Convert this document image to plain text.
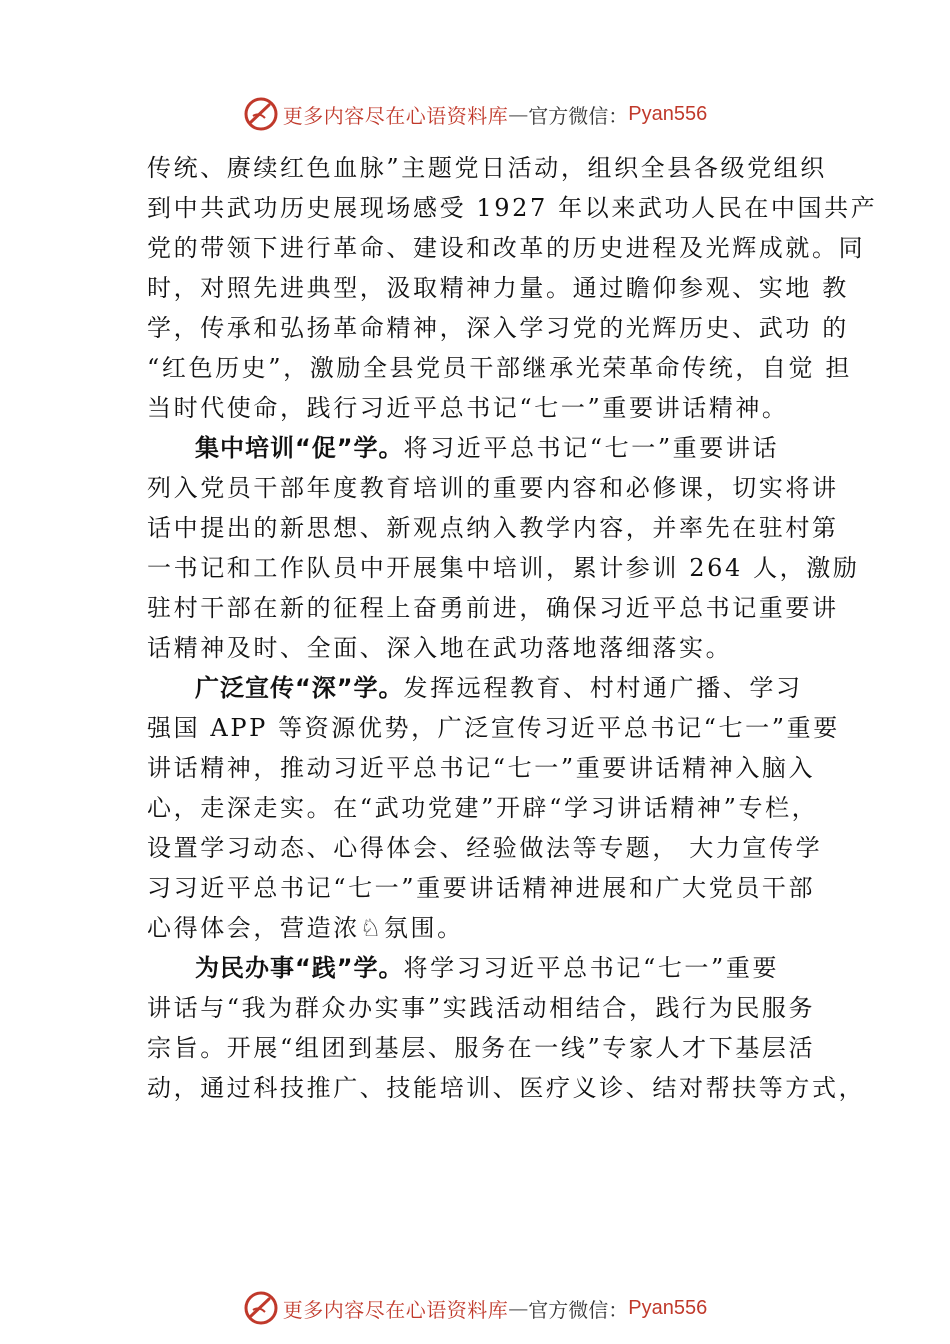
更多内容尽在心语资料库 — 官方微信： Pyan556
传统、赓续红色血脉”主题党日活动，组织全县各级党组织
到中共武功历史展现场感受 1927 年以来武功人民在中国共产
党的带领下进行革命、建设和改革的历史进程及光辉成就。同
时，对照先进典型，汲取精神力量。通过瞻仰参观、实地 教
学，传承和弘扬革命精神，深入学习党的光辉历史、武功 的
“红色历史”，激励全县党员干部继承光荣革命传统，自觉 担
当时代使命，践行习近平总书记“七一”重要讲话精神。
集中培训“促”学。将习近平总书记“七一”重要讲话
列入党员干部年度教育培训的重要内容和必修课，切实将讲
话中提出的新思想、新观点纳入教学内容，并率先在驻村第
一书记和工作队员中开展集中培训，累计参训 264 人，激励
驻村干部在新的征程上奋勇前进，确保习近平总书记重要讲
话精神及时、全面、深入地在武功落地落细落实。
广泛宣传“深”学。发挥远程教育、村村通广播、学习
强国 APP 等资源优势，广泛宣传习近平总书记“七一”重要
讲话精神，推动习近平总书记“七一”重要讲话精神入脑入
心，走深走实。在“武功党建”开辟“学习讲话精神”专栏，
设置学习动态、心得体会、经验做法等专题， 大力宣传学
习习近平总书记“七一”重要讲话精神进展和广大党员干部
心得体会，营造浓♘氛围。
为民办事“践”学。将学习习近平总书记“七一”重要
讲话与“我为群众办实事”实践活动相结合，践行为民服务
宗旨。开展“组团到基层、服务在一线”专家人才下基层活
动，通过科技推广、技能培训、医疗义诊、结对帮扶等方式，
更多内容尽在心语资料库 — 官方微信： Pyan556
